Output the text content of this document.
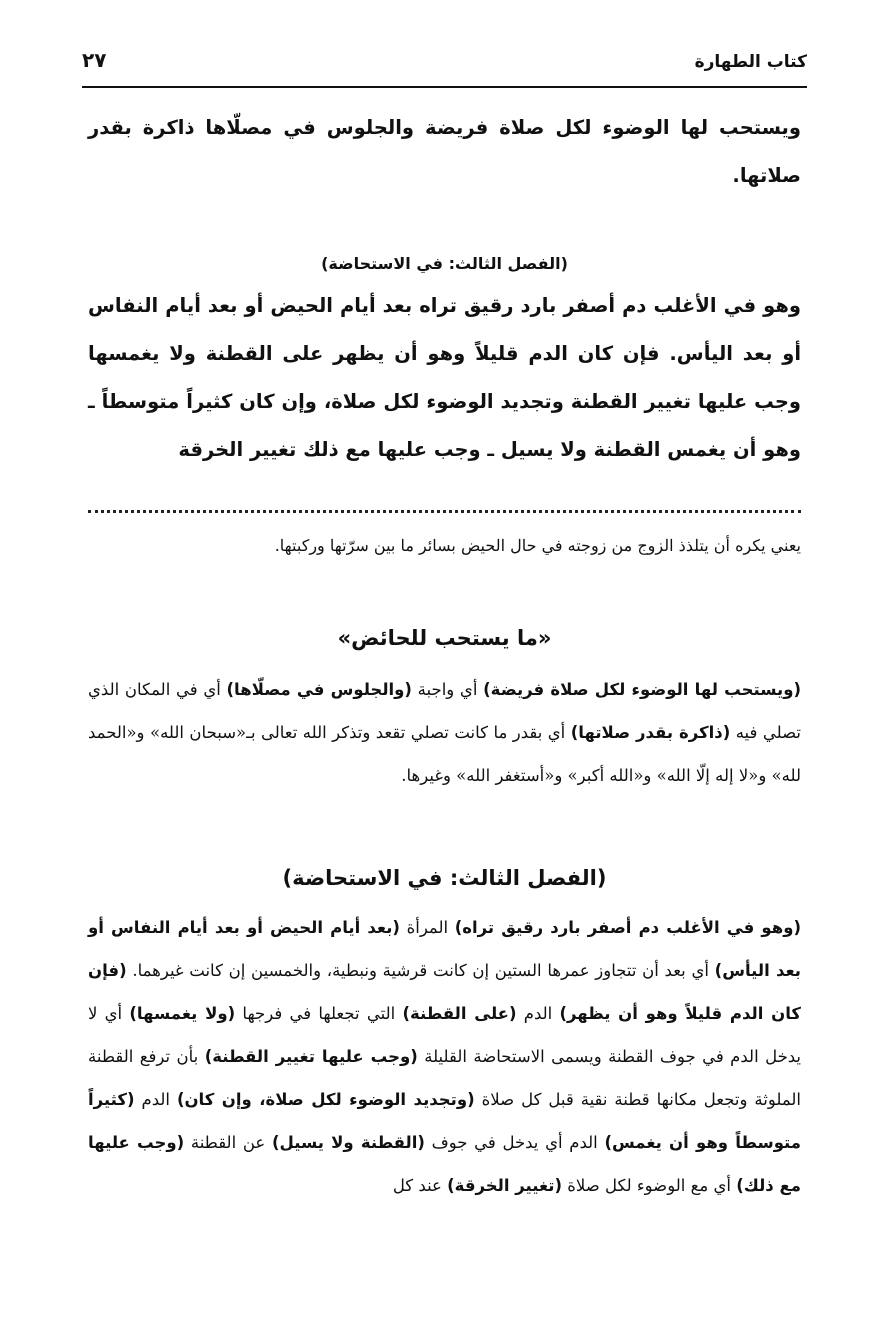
كتاب الطهارة
٢٧

ويستحب لها الوضوء لكل صلاة فريضة والجلوس في مصلّاها ذاكرة بقدر صلاتها.

(الفصل الثالث: في الاستحاضة)

وهو في الأغلب دم أصفر بارد رقيق تراه بعد أيام الحيض أو بعد أيام النفاس أو بعد اليأس. فإن كان الدم قليلاً وهو أن يظهر على القطنة ولا يغمسها وجب عليها تغيير القطنة وتجديد الوضوء لكل صلاة، وإن كان كثيراً متوسطاً ـ وهو أن يغمس القطنة ولا يسيل ـ وجب عليها مع ذلك تغيير الخرقة

يعني يكره أن يتلذذ الزوج من زوجته في حال الحيض بسائر ما بين سرّتها وركبتها.

«ما يستحب للحائض»

(ويستحب لها الوضوء لكل صلاة فريضة) أي واجبة (والجلوس في مصلّاها) أي في المكان الذي تصلي فيه (ذاكرة بقدر صلاتها) أي بقدر ما كانت تصلي تقعد وتذكر الله تعالى بـ«سبحان الله» و«الحمد لله» و«لا إله إلّا الله» و«الله أكبر» و«أستغفر الله» وغيرها.

(الفصل الثالث: في الاستحاضة)

(وهو في الأغلب دم أصفر بارد رقيق تراه) المرأة (بعد أيام الحيض أو بعد أيام النفاس أو بعد اليأس) أي بعد أن تتجاوز عمرها الستين إن كانت قرشية ونبطية، والخمسين إن كانت غيرهما. (فإن كان الدم قليلاً وهو أن يظهر) الدم (على القطنة) التي تجعلها في فرجها (ولا يغمسها) أي لا يدخل الدم في جوف القطنة ويسمى الاستحاضة القليلة (وجب عليها تغيير القطنة) بأن ترفع القطنة الملوثة وتجعل مكانها قطنة نقية قبل كل صلاة (وتجديد الوضوء لكل صلاة، وإن كان) الدم (كثيراً متوسطاً وهو أن يغمس) الدم أي يدخل في جوف (القطنة ولا يسيل) عن القطنة (وجب عليها مع ذلك) أي مع الوضوء لكل صلاة (تغيير الخرقة) عند كل
